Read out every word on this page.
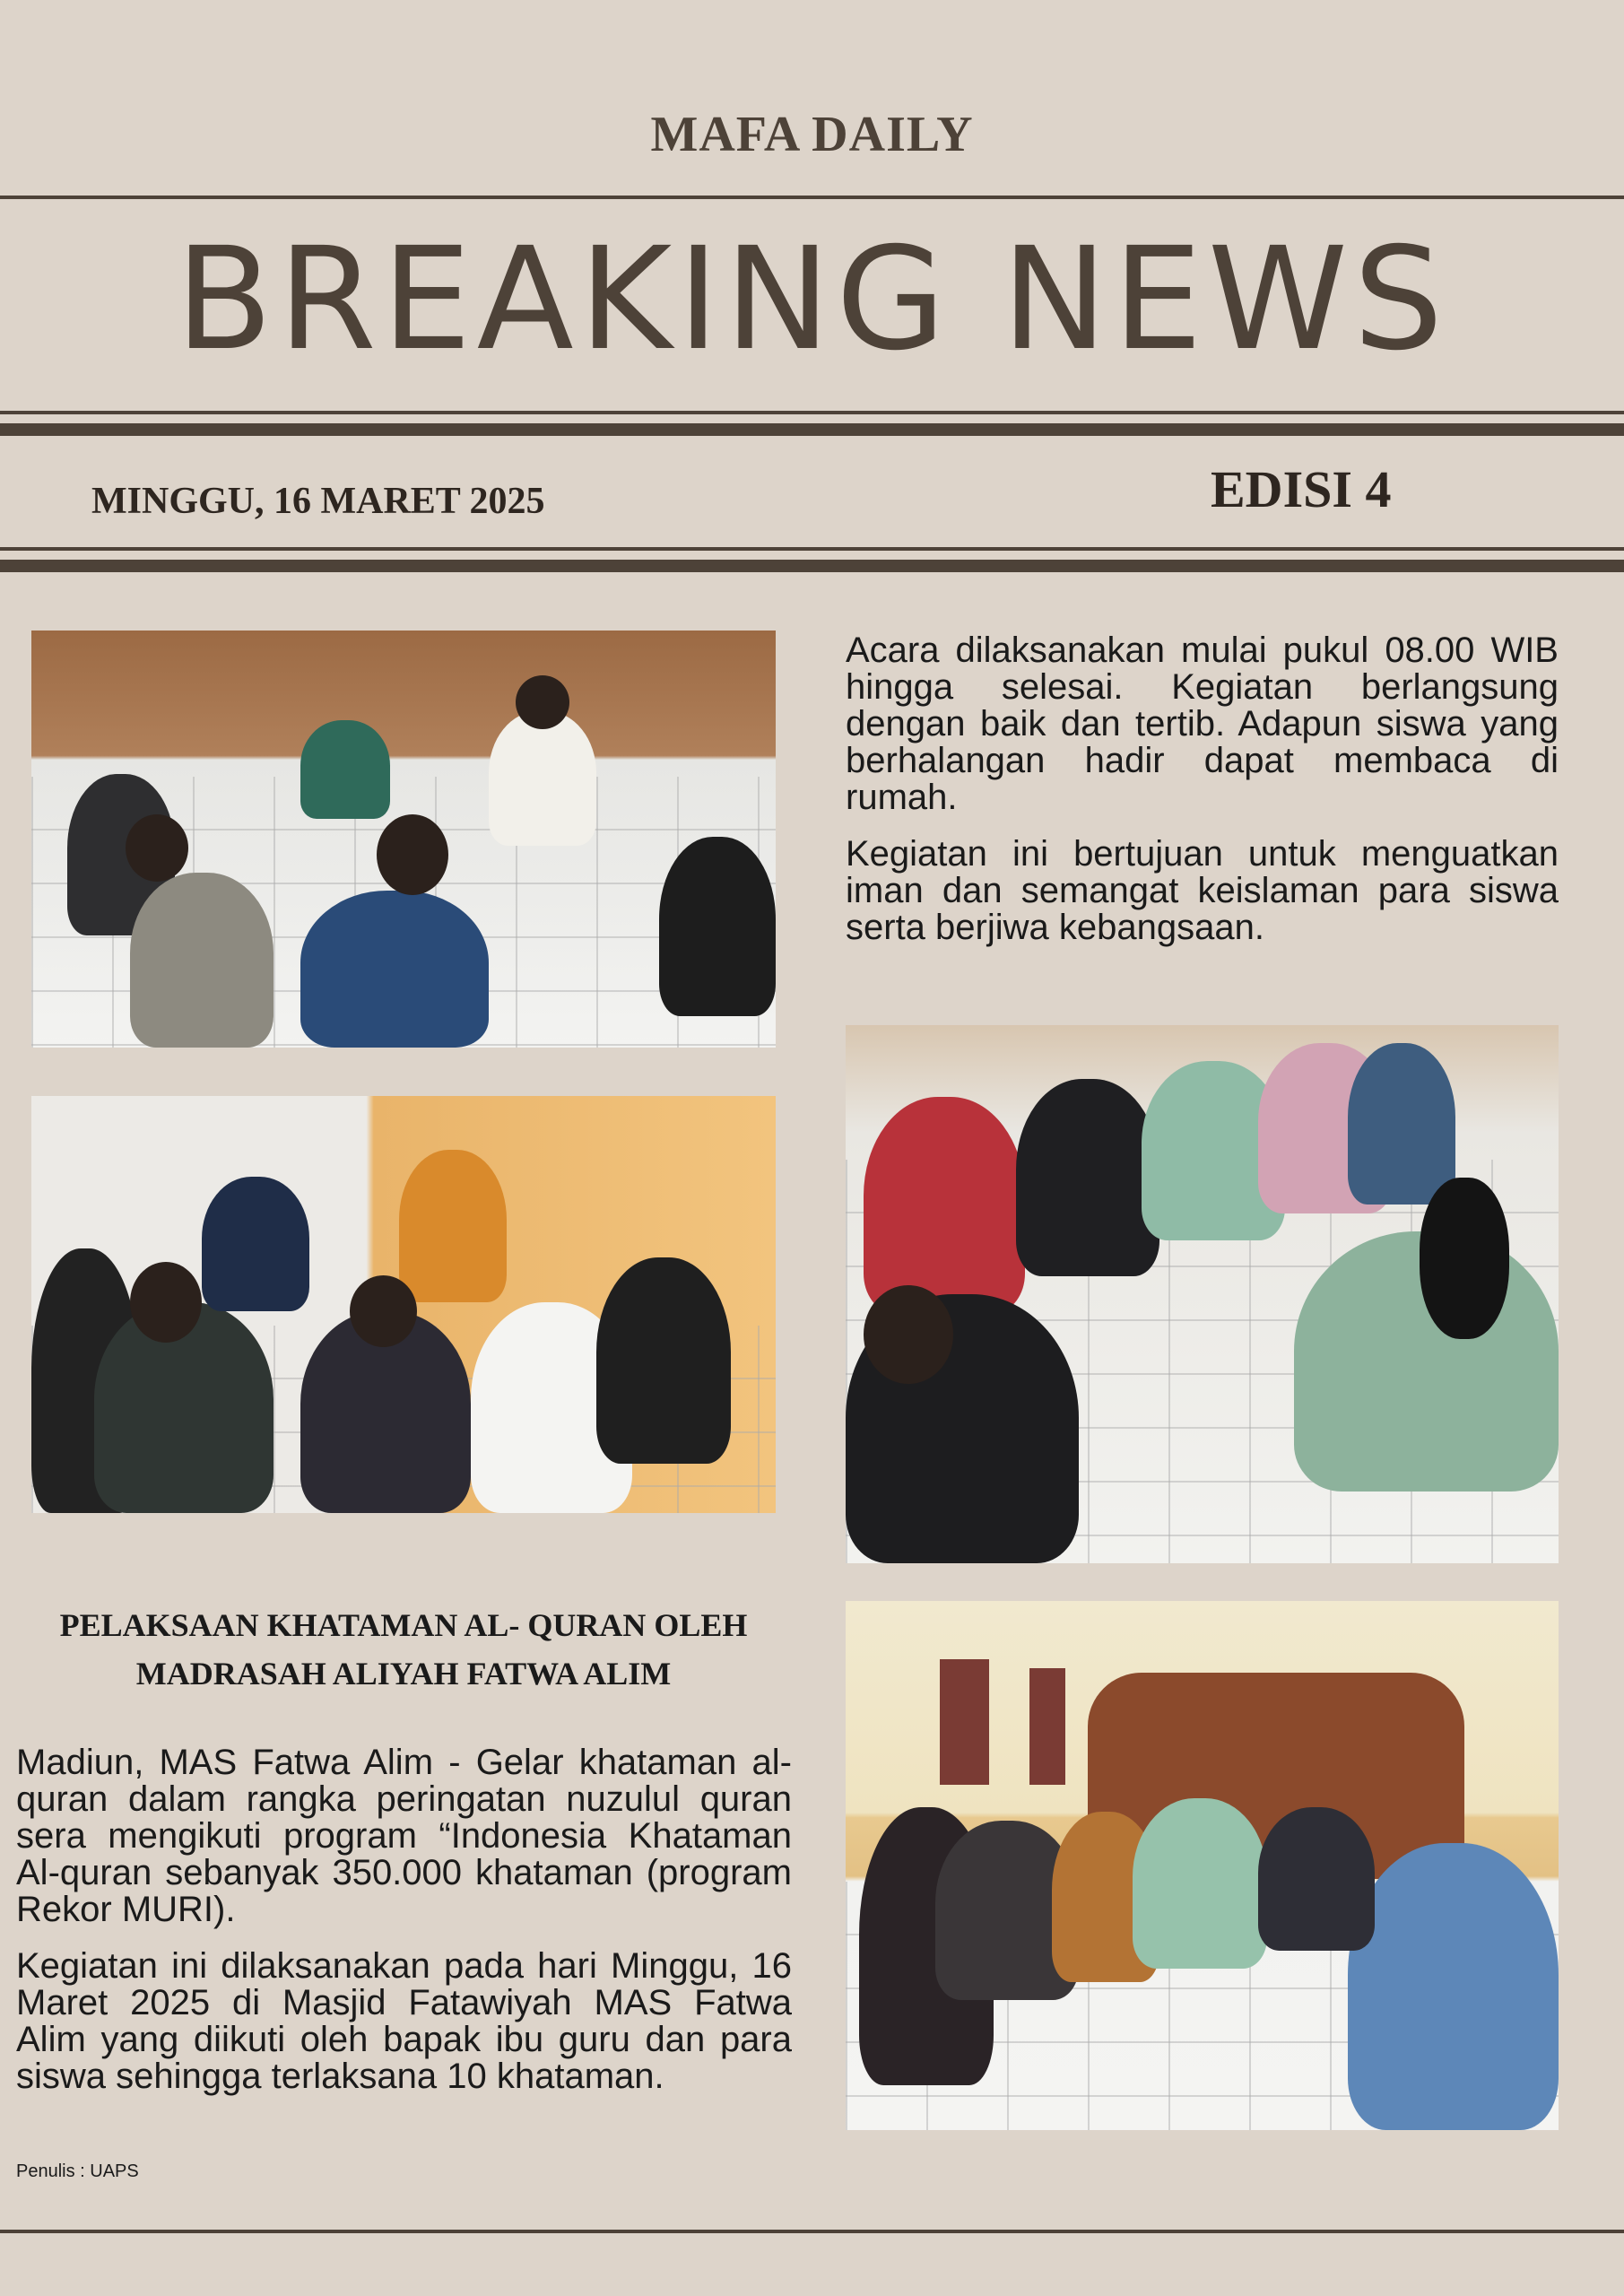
MAFA DAILY
BREAKING NEWS
MINGGU, 16 MARET 2025	EDISI 4

Acara dilaksanakan mulai pukul 08.00 WIB hingga selesai. Kegiatan berlangsung dengan baik dan tertib. Adapun siswa yang berhalangan hadir dapat membaca di rumah.

Kegiatan ini bertujuan untuk menguatkan iman dan semangat keislaman para siswa serta berjiwa kebangsaan.

PELAKSAAN KHATAMAN AL- QURAN OLEH
MADRASAH ALIYAH FATWA ALIM

Madiun, MAS Fatwa Alim - Gelar khataman al-quran dalam rangka peringatan nuzulul quran sera mengikuti program “Indonesia Khataman Al-quran sebanyak 350.000 khataman (program Rekor MURI).

Kegiatan ini dilaksanakan pada hari Minggu, 16 Maret 2025 di Masjid Fatawiyah MAS Fatwa Alim yang diikuti oleh bapak ibu guru dan para siswa sehingga terlaksana 10 khataman.

Penulis : UAPS
